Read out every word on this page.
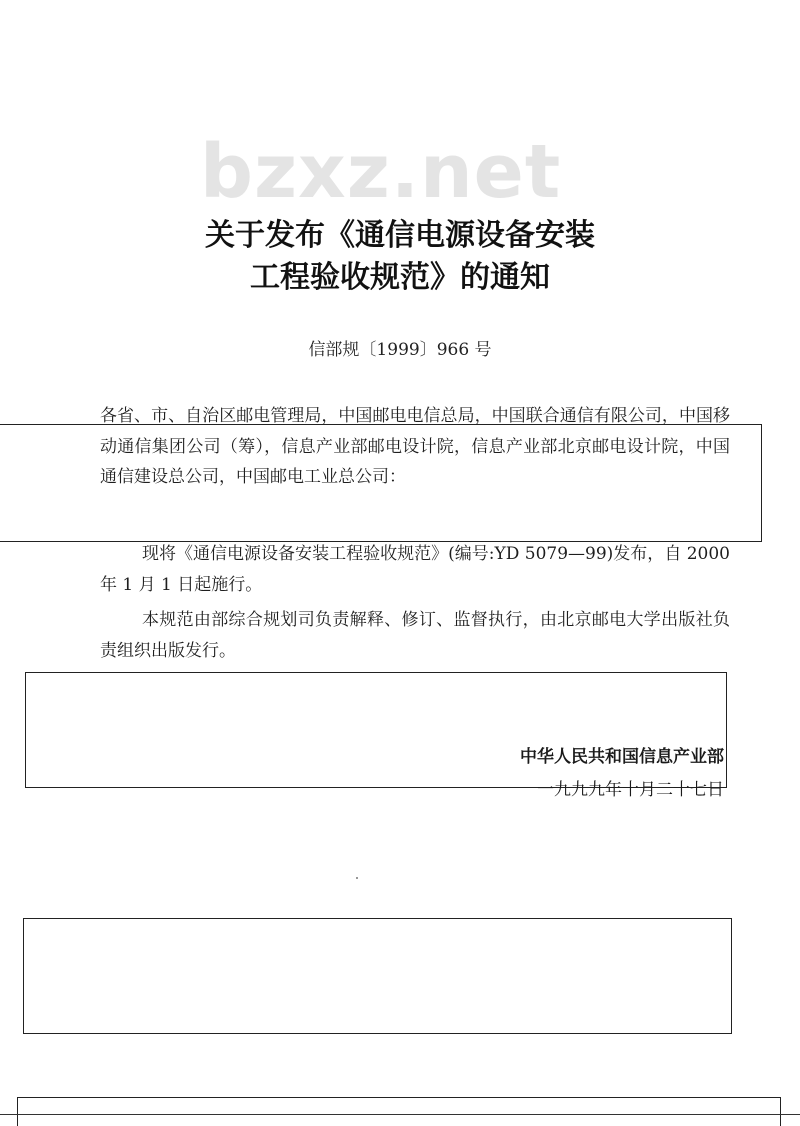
bzxz.net
关于发布《通信电源设备安装
工程验收规范》的通知
信部规〔1999〕966 号
各省、市、自治区邮电管理局，中国邮电电信总局，中国联合通信有限公司，中国移动通信集团公司（筹），信息产业部邮电设计院，信息产业部北京邮电设计院，中国通信建设总公司，中国邮电工业总公司：
现将《通信电源设备安装工程验收规范》(编号:YD 5079—99)发布，自 2000 年 1 月 1 日起施行。
本规范由部综合规划司负责解释、修订、监督执行，由北京邮电大学出版社负责组织出版发行。
中华人民共和国信息产业部
一九九九年十月二十七日
